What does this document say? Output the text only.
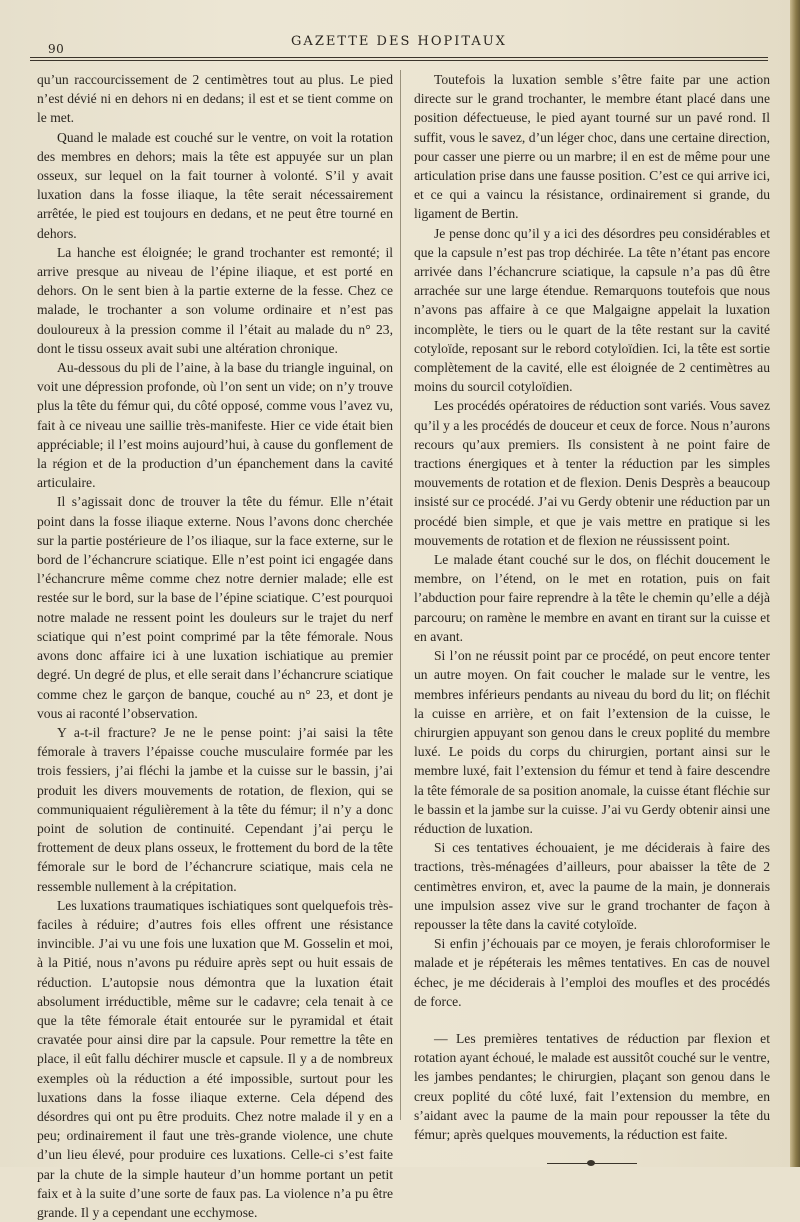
90	GAZETTE DES HOPITAUX

qu’un raccourcissement de 2 centimètres tout au plus. Le pied n’est dévié ni en dehors ni en dedans; il est et se tient comme on le met.

Quand le malade est couché sur le ventre, on voit la rotation des membres en dehors; mais la tête est appuyée sur un plan osseux, sur lequel on la fait tourner à volonté. S’il y avait luxation dans la fosse iliaque, la tête serait nécessairement arrêtée, le pied est toujours en dedans, et ne peut être tourné en dehors.

La hanche est éloignée; le grand trochanter est remonté; il arrive presque au niveau de l’épine iliaque, et est porté en dehors. On le sent bien à la partie externe de la fesse. Chez ce malade, le trochanter a son volume ordinaire et n’est pas douloureux à la pression comme il l’était au malade du n° 23, dont le tissu osseux avait subi une altération chronique.

Au-dessous du pli de l’aine, à la base du triangle inguinal, on voit une dépression profonde, où l’on sent un vide; on n’y trouve plus la tête du fémur qui, du côté opposé, comme vous l’avez vu, fait à ce niveau une saillie très-manifeste. Hier ce vide était bien appréciable; il l’est moins aujourd’hui, à cause du gonflement de la région et de la production d’un épanchement dans la cavité articulaire.

Il s’agissait donc de trouver la tête du fémur. Elle n’était point dans la fosse iliaque externe. Nous l’avons donc cherchée sur la partie postérieure de l’os iliaque, sur la face externe, sur le bord de l’échancrure sciatique. Elle n’est point ici engagée dans l’échancrure même comme chez notre dernier malade; elle est restée sur le bord, sur la base de l’épine sciatique. C’est pourquoi notre malade ne ressent point les douleurs sur le trajet du nerf sciatique qui n’est point comprimé par la tête fémorale. Nous avons donc affaire ici à une luxation ischiatique au premier degré. Un degré de plus, et elle serait dans l’échancrure sciatique comme chez le garçon de banque, couché au n° 23, et dont je vous ai raconté l’observation.

Y a-t-il fracture? Je ne le pense point: j’ai saisi la tête fémorale à travers l’épaisse couche musculaire formée par les trois fessiers, j’ai fléchi la jambe et la cuisse sur le bassin, j’ai produit les divers mouvements de rotation, de flexion, qui se communiquaient régulièrement à la tête du fémur; il n’y a donc point de solution de continuité. Cependant j’ai perçu le frottement de deux plans osseux, le frottement du bord de la tête fémorale sur le bord de l’échancrure sciatique, mais cela ne ressemble nullement à la crépitation.

Les luxations traumatiques ischiatiques sont quelquefois très-faciles à réduire; d’autres fois elles offrent une résistance invincible. J’ai vu une fois une luxation que M. Gosselin et moi, à la Pitié, nous n’avons pu réduire après sept ou huit essais de réduction. L’autopsie nous démontra que la luxation était absolument irréductible, même sur le cadavre; cela tenait à ce que la tête fémorale était entourée sur le pyramidal et était cravatée pour ainsi dire par la capsule. Pour remettre la tête en place, il eût fallu déchirer muscle et capsule. Il y a de nombreux exemples où la réduction a été impossible, surtout pour les luxations dans la fosse iliaque externe. Cela dépend des désordres qui ont pu être produits. Chez notre malade il y en a peu; ordinairement il faut une très-grande violence, une chute d’un lieu élevé, pour produire ces luxations. Celle-ci s’est faite par la chute de la simple hauteur d’un homme portant un petit faix et à la suite d’une sorte de faux pas. La violence n’a pu être grande. Il y a cependant une ecchymose.

Toutefois la luxation semble s’être faite par une action directe sur le grand trochanter, le membre étant placé dans une position défectueuse, le pied ayant tourné sur un pavé rond. Il suffit, vous le savez, d’un léger choc, dans une certaine direction, pour casser une pierre ou un marbre; il en est de même pour une articulation prise dans une fausse position. C’est ce qui arrive ici, et ce qui a vaincu la résistance, ordinairement si grande, du ligament de Bertin.

Je pense donc qu’il y a ici des désordres peu considérables et que la capsule n’est pas trop déchirée. La tête n’étant pas encore arrivée dans l’échancrure sciatique, la capsule n’a pas dû être arrachée sur une large étendue. Remarquons toutefois que nous n’avons pas affaire à ce que Malgaigne appelait la luxation incomplète, le tiers ou le quart de la tête restant sur la cavité cotyloïde, reposant sur le rebord cotyloïdien. Ici, la tête est sortie complètement de la cavité, elle est éloignée de 2 centimètres au moins du sourcil cotyloïdien.

Les procédés opératoires de réduction sont variés. Vous savez qu’il y a les procédés de douceur et ceux de force. Nous n’aurons recours qu’aux premiers. Ils consistent à ne point faire de tractions énergiques et à tenter la réduction par les simples mouvements de rotation et de flexion. Denis Desprès a beaucoup insisté sur ce procédé. J’ai vu Gerdy obtenir une réduction par un procédé bien simple, et que je vais mettre en pratique si les mouvements de rotation et de flexion ne réussissent point.

Le malade étant couché sur le dos, on fléchit doucement le membre, on l’étend, on le met en rotation, puis on fait l’abduction pour faire reprendre à la tête le chemin qu’elle a déjà parcouru; on ramène le membre en avant en tirant sur la cuisse et en avant.

Si l’on ne réussit point par ce procédé, on peut encore tenter un autre moyen. On fait coucher le malade sur le ventre, les membres inférieurs pendants au niveau du bord du lit; on fléchit la cuisse en arrière, et on fait l’extension de la cuisse, le chirurgien appuyant son genou dans le creux poplité du membre luxé. Le poids du corps du chirurgien, portant ainsi sur le membre luxé, fait l’extension du fémur et tend à faire descendre la tête fémorale de sa position anomale, la cuisse étant fléchie sur le bassin et la jambe sur la cuisse. J’ai vu Gerdy obtenir ainsi une réduction de luxation.

Si ces tentatives échouaient, je me déciderais à faire des tractions, très-ménagées d’ailleurs, pour abaisser la tête de 2 centimètres environ, et, avec la paume de la main, je donnerais une impulsion assez vive sur le grand trochanter de façon à repousser la tête dans la cavité cotyloïde.

Si enfin j’échouais par ce moyen, je ferais chloroformiser le malade et je répéterais les mêmes tentatives. En cas de nouvel échec, je me déciderais à l’emploi des moufles et des procédés de force.

— Les premières tentatives de réduction par flexion et rotation ayant échoué, le malade est aussitôt couché sur le ventre, les jambes pendantes; le chirurgien, plaçant son genou dans le creux poplité du côté luxé, fait l’extension du membre, en s’aidant avec la paume de la main pour repousser la tête du fémur; après quelques mouvements, la réduction est faite.
